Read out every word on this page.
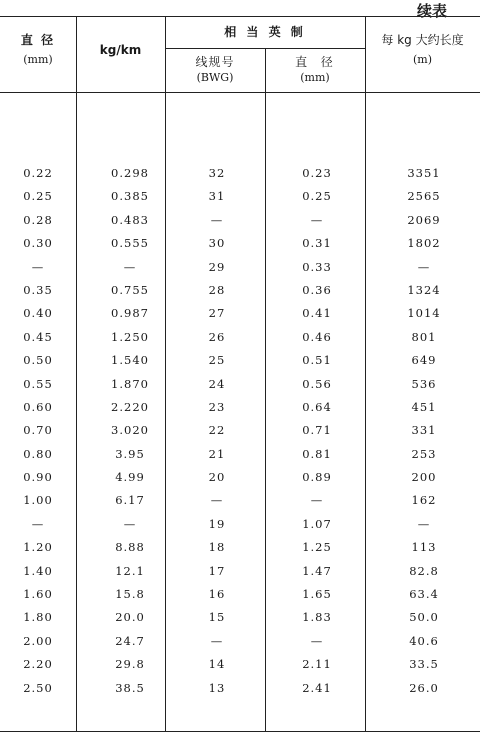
续表
直 径
(mm)
kg/km
相 当 英 制
线规号
(BWG)
直  径
(mm)
每 kg 大约长度
(m)
0.22	0.298	32	0.23	3351
0.25	0.385	31	0.25	2565
0.28	0.483	—	—	2069
0.30	0.555	30	0.31	1802
—	—	29	0.33	—
0.35	0.755	28	0.36	1324
0.40	0.987	27	0.41	1014
0.45	1.250	26	0.46	801
0.50	1.540	25	0.51	649
0.55	1.870	24	0.56	536
0.60	2.220	23	0.64	451
0.70	3.020	22	0.71	331
0.80	3.95	21	0.81	253
0.90	4.99	20	0.89	200
1.00	6.17	—	—	162
—	—	19	1.07	—
1.20	8.88	18	1.25	113
1.40	12.1	17	1.47	82.8
1.60	15.8	16	1.65	63.4
1.80	20.0	15	1.83	50.0
2.00	24.7	—	—	40.6
2.20	29.8	14	2.11	33.5
2.50	38.5	13	2.41	26.0
